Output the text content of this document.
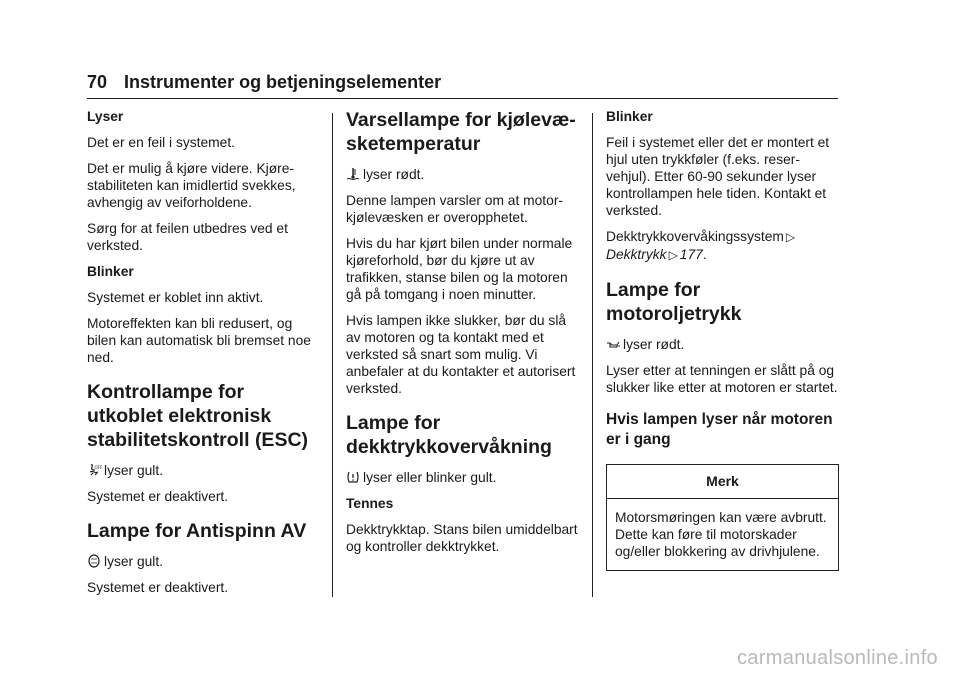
70 Instrumenter og betjeningselementer
Lyser

Det er en feil i systemet.

Det er mulig å kjøre videre. Kjørestabiliteten kan imidlertid svekkes, avhengig av veiforholdene.

Sørg for at feilen utbedres ved et verksted.

Blinker

Systemet er koblet inn aktivt.

Motoreffekten kan bli redusert, og bilen kan automatisk bli bremset noe ned.

Kontrollampe for utkoblet elektronisk stabilitetskontroll (ESC)

OFF lyser gult.

Systemet er deaktivert.

Lampe for Antispinn AV

lyser gult.

Systemet er deaktivert.

Varsellampe for kjølevæsketemperatur

lyser rødt.

Denne lampen varsler om at motorkjølevæsken er overopphetet.

Hvis du har kjørt bilen under normale kjøreforhold, bør du kjøre ut av trafikken, stanse bilen og la motoren gå på tomgang i noen minutter.

Hvis lampen ikke slukker, bør du slå av motoren og ta kontakt med et verksted så snart som mulig. Vi anbefaler at du kontakter et autorisert verksted.

Lampe for dekktrykkovervåkning

lyser eller blinker gult.

Tennes

Dekktrykktap. Stans bilen umiddelbart og kontroller dekktrykket.

Blinker

Feil i systemet eller det er montert et hjul uten trykkføler (f.eks. reservehjul). Etter 60-90 sekunder lyser kontrollampen hele tiden. Kontakt et verksted.

Dekktrykkovervåkingssystem ▷
Dekktrykk ▷ 177.

Lampe for motoroljetrykk

lyser rødt.

Lyser etter at tenningen er slått på og slukker like etter at motoren er startet.

Hvis lampen lyser når motoren er i gang
Merk
Motorsmøringen kan være avbrutt. Dette kan føre til motorskader og/eller blokkering av drivhjulene.
carmanualsonline.info
